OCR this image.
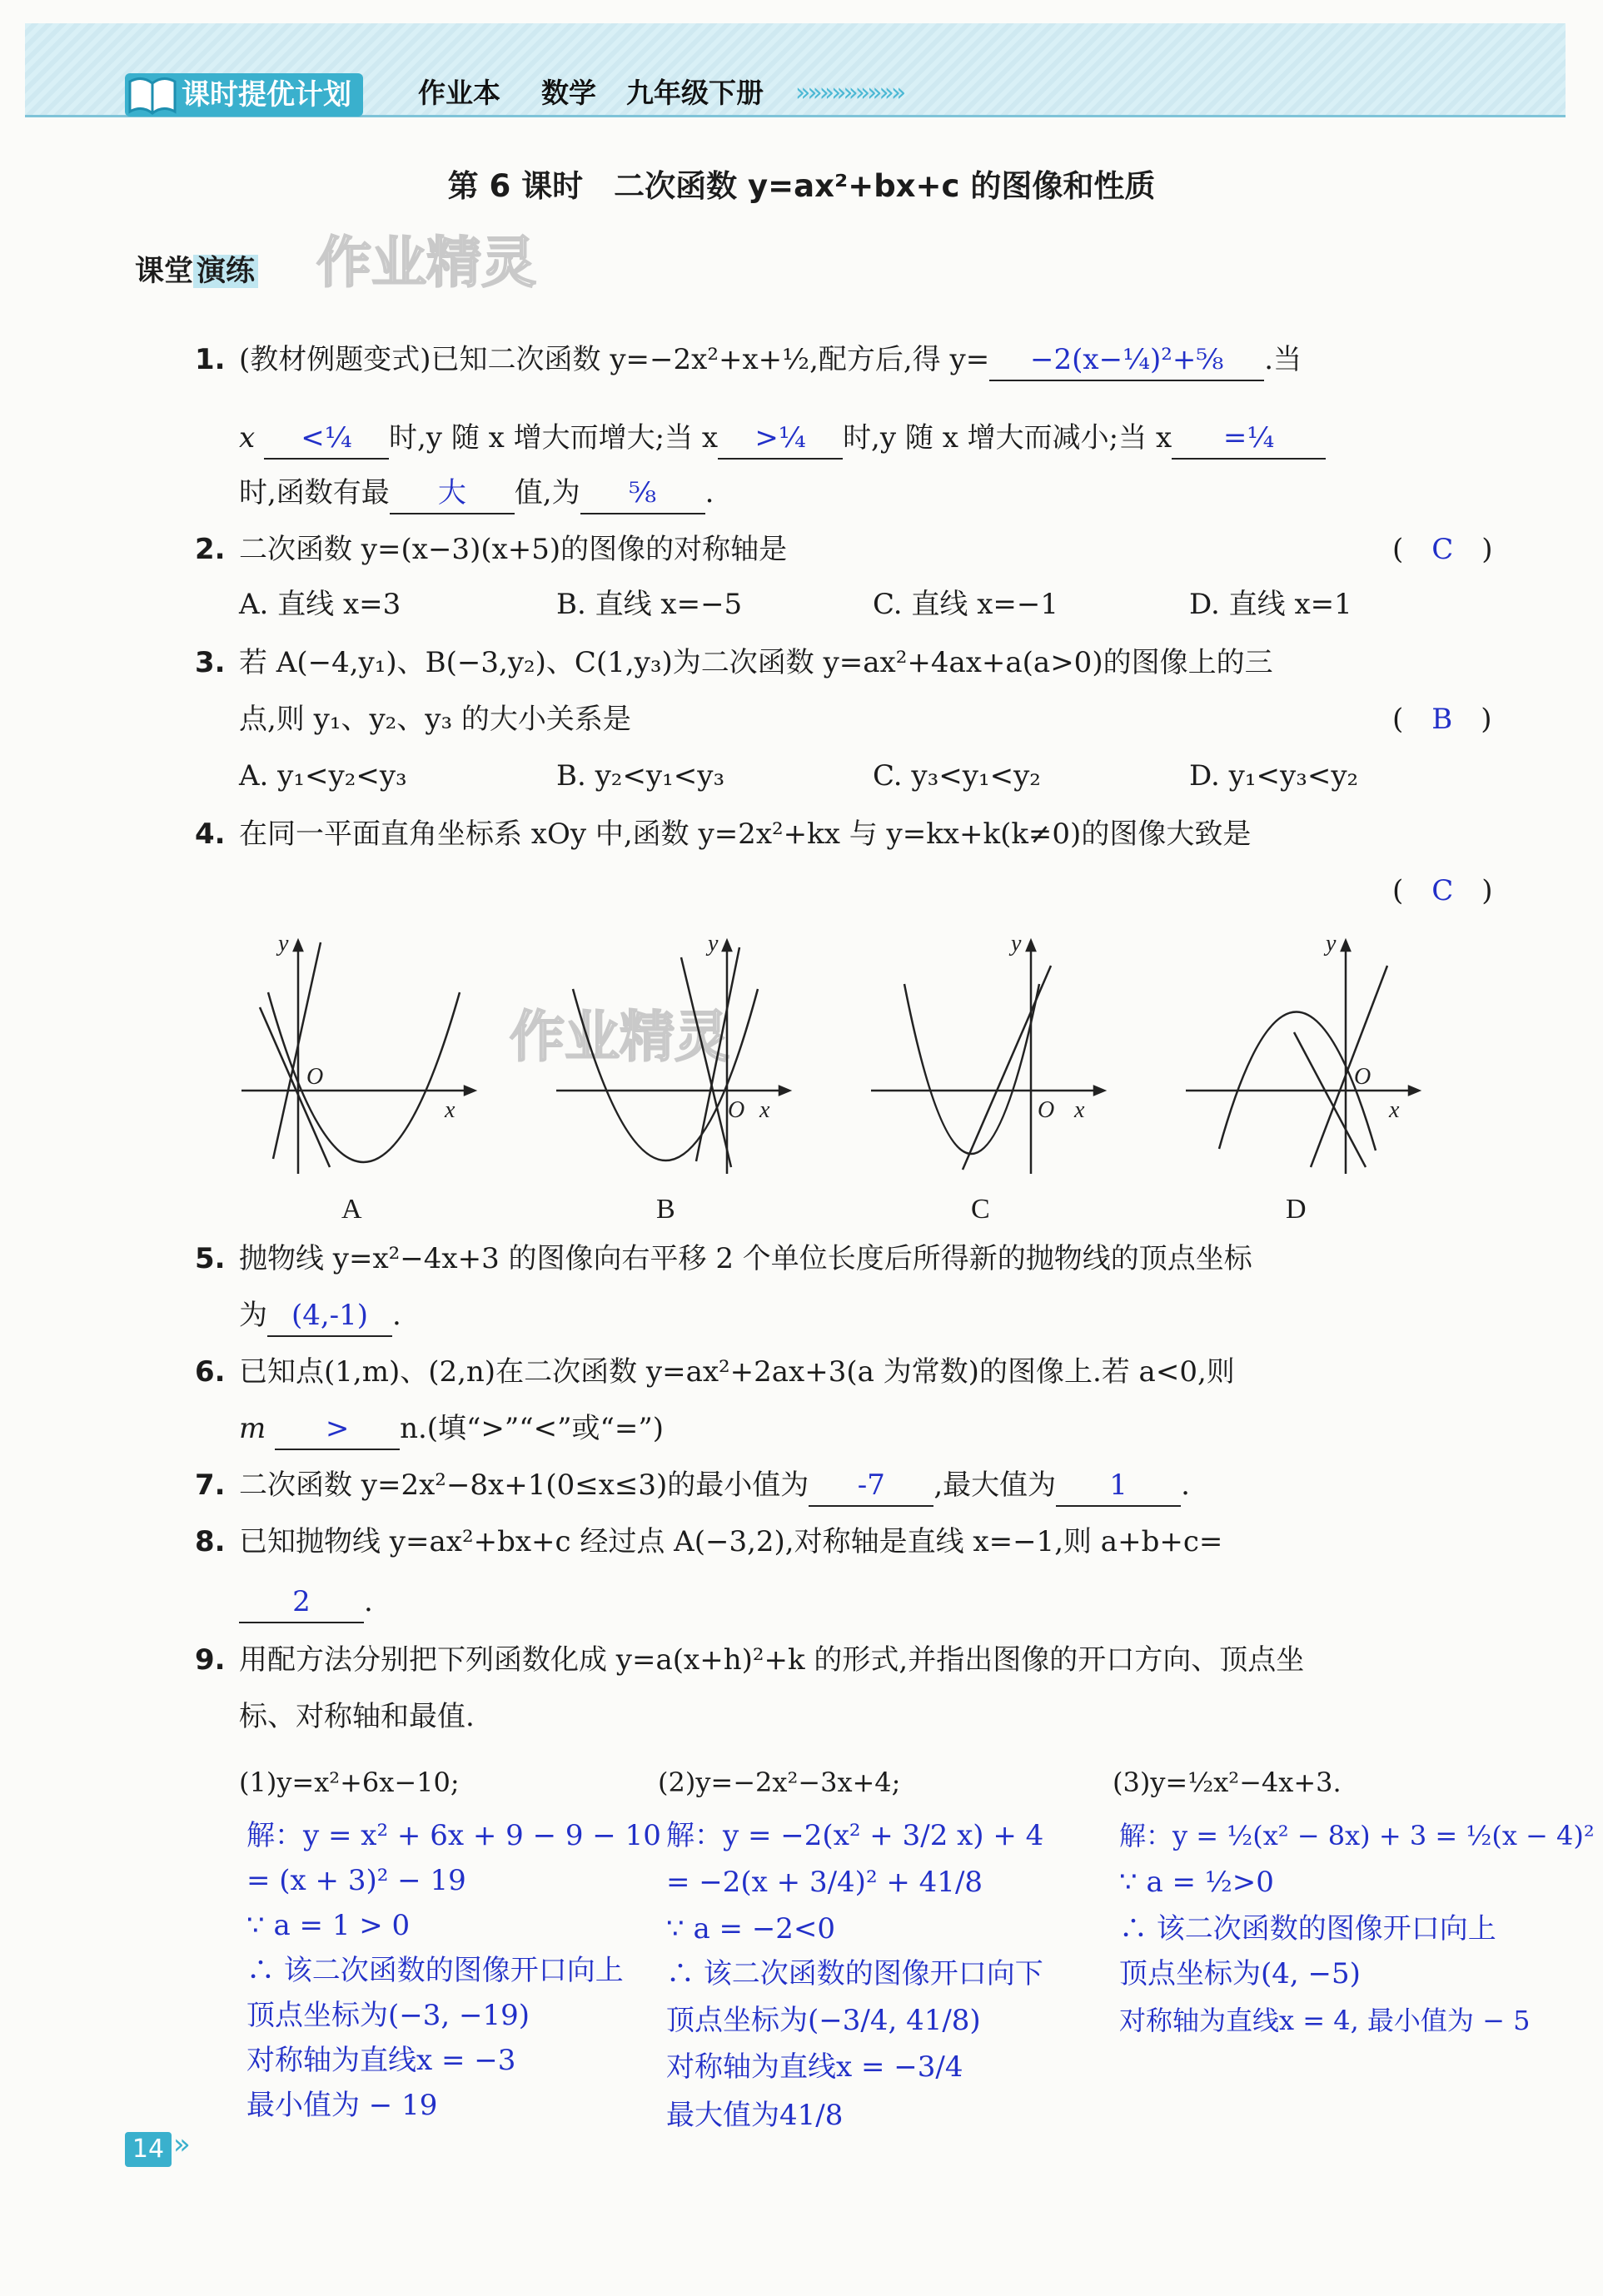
课时提优计划	作业本 数学 九年级下册 »»»»»»»»»
第 6 课时　二次函数 y=ax²+bx+c 的图像和性质
课堂 演练 作业精灵
作业精灵
1. (教材例题变式)已知二次函数 y=−2x²+x+½,配方后,得 y= −2(x−¼)²+⅝ .当
x <¼ 时,y 随 x 增大而增大;当 x >¼ 时,y 随 x 增大而减小;当 x =¼
时,函数有最 大 值,为 ⅝ .
2. 二次函数 y=(x−3)(x+5)的图像的对称轴是	(　C　)
A. 直线 x=3	B. 直线 x=−5	C. 直线 x=−1	D. 直线 x=1
3. 若 A(−4,y₁)、B(−3,y₂)、C(1,y₃)为二次函数 y=ax²+4ax+a(a>0)的图像上的三
点,则 y₁、y₂、y₃ 的大小关系是	(　B　)
A. y₁<y₂<y₃	B. y₂<y₁<y₃	C. y₃<y₁<y₂	D. y₁<y₃<y₂
4. 在同一平面直角坐标系 xOy 中,函数 y=2x²+kx 与 y=kx+k(k≠0)的图像大致是
(　C　)
y
x
O
y
x
O
y
x
O
y
x
O
A	B	C	D
5. 抛物线 y=x²−4x+3 的图像向右平移 2 个单位长度后所得新的抛物线的顶点坐标
为 (4,-1) .
6. 已知点(1,m)、(2,n)在二次函数 y=ax²+2ax+3(a 为常数)的图像上.若 a<0,则
m > n.(填“>”“<”或“=”)
7. 二次函数 y=2x²−8x+1(0≤x≤3)的最小值为 -7 ,最大值为 1 .
8. 已知抛物线 y=ax²+bx+c 经过点 A(−3,2),对称轴是直线 x=−1,则 a+b+c=
2 .
9. 用配方法分别把下列函数化成 y=a(x+h)²+k 的形式,并指出图像的开口方向、顶点坐
标、对称轴和最值.
(1)y=x²+6x−10;	(2)y=−2x²−3x+4;	(3)y=½x²−4x+3.
解：y = x² + 6x + 9 − 9 − 10
= (x + 3)² − 19
∵ a = 1 > 0
∴ 该二次函数的图像开口向上
顶点坐标为(−3, −19)
对称轴为直线x = −3
最小值为 − 19
解：y = −2(x² + 3/2 x) + 4
= −2(x + 3/4)² + 41/8
∵ a = −2<0
∴ 该二次函数的图像开口向下
顶点坐标为(−3/4, 41/8)
对称轴为直线x = −3/4
最大值为41/8
解：y = ½(x² − 8x) + 3 = ½(x − 4)²
∵ a = ½>0
∴ 该二次函数的图像开口向上
顶点坐标为(4, −5)
对称轴为直线x = 4, 最小值为 − 5
14 »
